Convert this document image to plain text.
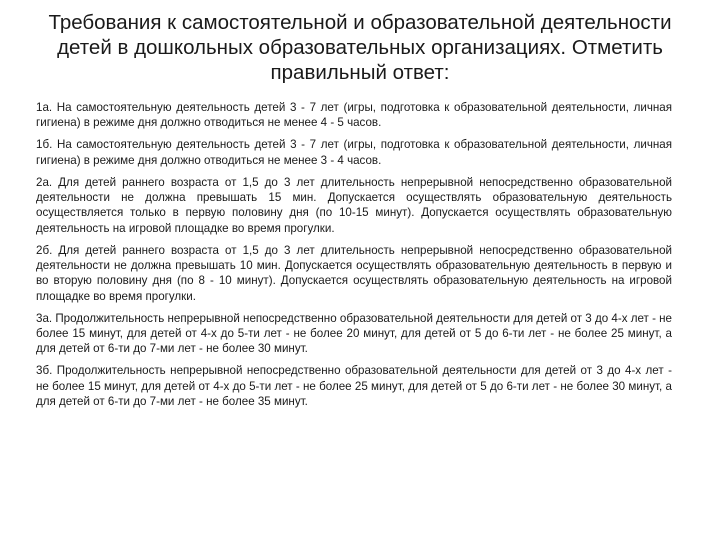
Требования к самостоятельной и образовательной деятельности детей в дошкольных образовательных организациях. Отметить правильный ответ:

1а. На самостоятельную деятельность детей 3 - 7 лет (игры, подготовка к образовательной деятельности, личная гигиена) в режиме дня должно отводиться не менее 4 - 5 часов.

1б. На самостоятельную деятельность детей 3 - 7 лет (игры, подготовка к образовательной деятельности, личная гигиена) в режиме дня должно отводиться не менее 3 - 4 часов.

2а. Для детей раннего возраста от 1,5 до 3 лет длительность непрерывной непосредственно образовательной деятельности не должна превышать 15 мин. Допускается осуществлять образовательную деятельность осуществляется только в первую половину дня (по 10-15 минут). Допускается осуществлять образовательную деятельность на игровой площадке во время прогулки.

2б. Для детей раннего возраста от 1,5 до 3 лет длительность непрерывной непосредственно образовательной деятельности не должна превышать 10 мин. Допускается осуществлять образовательную деятельность в первую и во вторую половину дня (по 8 - 10 минут). Допускается осуществлять образовательную деятельность на игровой площадке во время прогулки.

3а. Продолжительность непрерывной непосредственно образовательной деятельности для детей от 3 до 4-х лет - не более 15 минут, для детей от 4-х до 5-ти лет - не более 20 минут, для детей от 5 до 6-ти лет - не более 25 минут, а для детей от 6-ти до 7-ми лет - не более 30 минут.

3б. Продолжительность непрерывной непосредственно образовательной деятельности для детей от 3 до 4-х лет - не более 15 минут, для детей от 4-х до 5-ти лет - не более 25 минут, для детей от 5 до 6-ти лет - не более 30 минут, а для детей от 6-ти до 7-ми лет - не более 35 минут.
